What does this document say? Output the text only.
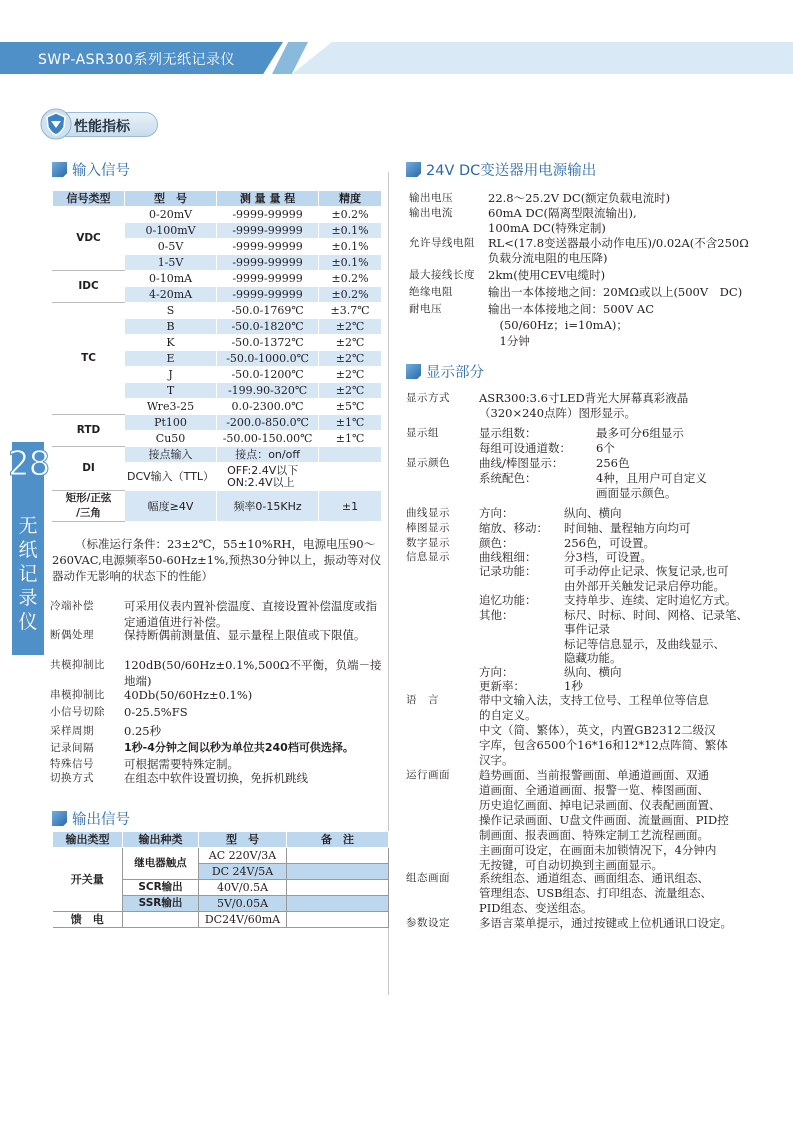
SWP-ASR300系列无纸记录仪
性能指标
28
无
纸
记
录
仪
输入信号
信号类型	型　号	测 量 量 程	精度
VDC	0-20mV	-9999-99999	±0.2%
	0-100mV	-9999-99999	±0.1%
	0-5V	-9999-99999	±0.1%
	1-5V	-9999-99999	±0.1%
IDC	0-10mA	-9999-99999	±0.2%
	4-20mA	-9999-99999	±0.2%
TC	S	-50.0-1769℃	±3.7℃
	B	-50.0-1820℃	±2℃
	K	-50.0-1372℃	±2℃
	E	-50.0-1000.0℃	±2℃
	J	-50.0-1200℃	±2℃
	T	-199.90-320℃	±2℃
	Wre3-25	0.0-2300.0℃	±5℃
RTD	Pt100	-200.0-850.0℃	±1℃
	Cu50	-50.00-150.00℃	±1℃
DI	接点输入	接点：on/off	
	DCV输入（TTL）	OFF:2.4V以下
ON:2.4V以上	
矩形/正弦
/三角	幅度≥4V	频率0-15KHz	±1
（标准运行条件：23±2℃，55±10%RH，电源电压90～260VAC,电源频率50-60Hz±1%,预热30分钟以上，振动等对仪器动作无影响的状态下的性能）
冷端补偿	可采用仪表内置补偿温度、直接设置补偿温度或指定通道值进行补偿。
断偶处理	保持断偶前测量值、显示量程上限值或下限值。
共模抑制比 120dB(50/60Hz±0.1%,500Ω不平衡，负端－接地端)
串模抑制比 40Db(50/60Hz±0.1%)
小信号切除 0-25.5%FS
采样周期	0.25秒
记录间隔	1秒-4分钟之间以秒为单位共240档可供选择。
特殊信号	可根据需要特殊定制。
切换方式	在组态中软件设置切换，免拆机跳线
输出信号
输出类型	输出种类	型　号	备　注
开关量	继电器触点	AC 220V/3A	
		DC 24V/5A	
	SCR输出	40V/0.5A	
	SSR输出	5V/0.05A	
馈　电		DC24V/60mA	
24V DC变送器用电源输出
输出电压	22.8～25.2V DC(额定负载电流时)
输出电流	60mA DC(隔离型限流输出),
100mA DC(特殊定制)
允许导线电阻 RL<(17.8变送器最小动作电压)/0.02A(不含250Ω
负载分流电阻的电压降)
最大接线长度 2km(使用CEV电缆时)
绝缘电阻	输出一本体接地之间：20MΩ或以上(500V　DC)
耐电压	输出一本体接地之间：500V AC
　(50/60Hz；i=10mA)；
　1分钟
显示部分
显示方式	ASR300:3.6寸LED背光大屏幕真彩液晶
（320×240点阵）图形显示。
显示组	显示组数：	最多可分6组显示
每组可设通道数： 6个
显示颜色	曲线/棒图显示：	256色
系统配色：	4种，且用户可自定义
画面显示颜色。
曲线显示	方向：	纵向、横向
棒图显示	缩放、移动： 时间轴、量程轴方向均可
数字显示	颜色：	256色，可设置。
信息显示	曲线粗细： 分3档，可设置。
记录功能： 可手动停止记录、恢复记录,也可
由外部开关触发记录启停功能。
追忆功能： 支持单步、连续、定时追忆方式。
其他：	标尺、时标、时间、网格、记录笔、
事件记录
标记等信息显示，及曲线显示、
隐藏功能。
方向：	纵向、横向
更新率：	1秒
语　言	带中文输入法，支持工位号、工程单位等信息
的自定义。
中文（简、繁体），英文，内置GB2312二级汉
字库，包含6500个16*16和12*12点阵简、繁体
汉字。
运行画面	趋势画面、当前报警画面、单通道画面、双通
道画面、全通道画面、报警一览、棒图画面、
历史追忆画面、掉电记录画面、仪表配画面置、
操作记录画面、U盘文件画面、流量画面、PID控
制画面、报表画面、特殊定制工艺流程画面。
主画面可设定，在画面未加锁情况下，4分钟内
无按键，可自动切换到主画面显示。
组态画面	系统组态、通道组态、画面组态、通讯组态、
管理组态、USB组态、打印组态、流量组态、
PID组态、变送组态。
参数设定	多语言菜单提示，通过按键或上位机通讯口设定。
